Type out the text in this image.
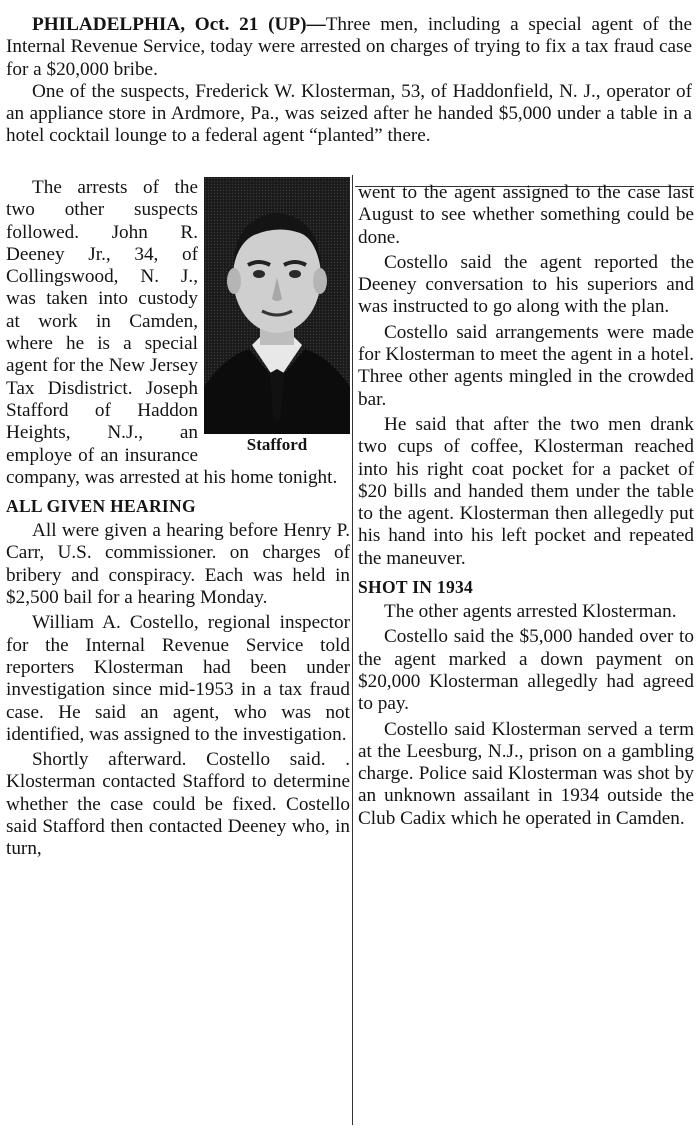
PHILADELPHIA, Oct. 21 (UP)—Three men, including a special agent of the Internal Revenue Service, today were arrested on charges of trying to fix a tax fraud case for a $20,000 bribe.

One of the suspects, Frederick W. Klosterman, 53, of Haddonfield, N. J., operator of an appliance store in Ardmore, Pa., was seized after he handed $5,000 under a table in a hotel cocktail lounge to a federal agent “planted” there.

Stafford

The arrests of the two other suspects followed. John R. Deeney Jr., 34, of Collingswood, N. J., was taken into custody at work in Camden, where he is a special agent for the New Jersey Tax Disdistrict. Joseph Stafford of Haddon Heights, N.J., an employe of an insurance company, was arrested at his home tonight.

ALL GIVEN HEARING

All were given a hearing before Henry P. Carr, U.S. commissioner. on charges of bribery and conspiracy. Each was held in $2,500 bail for a hearing Monday.

William A. Costello, regional inspector for the Internal Revenue Service told reporters Klosterman had been under investigation since mid-1953 in a tax fraud case. He said an agent, who was not identified, was assigned to the investigation.

Shortly afterward. Costello said. . Klosterman contacted Stafford to determine whether the case could be fixed. Costello said Stafford then contacted Deeney who, in turn,

went to the agent assigned to the case last August to see whether something could be done.

Costello said the agent reported the Deeney conversation to his superiors and was instructed to go along with the plan.

Costello said arrangements were made for Klosterman to meet the agent in a hotel. Three other agents mingled in the crowded bar.

He said that after the two men drank two cups of coffee, Klosterman reached into his right coat pocket for a packet of $20 bills and handed them under the table to the agent. Klosterman then allegedly put his hand into his left pocket and repeated the maneuver.

SHOT IN 1934

The other agents arrested Klosterman.

Costello said the $5,000 handed over to the agent marked a down payment on $20,000 Klosterman allegedly had agreed to pay.

Costello said Klosterman served a term at the Leesburg, N.J., prison on a gambling charge. Police said Klosterman was shot by an unknown assailant in 1934 outside the Club Cadix which he operated in Camden.
